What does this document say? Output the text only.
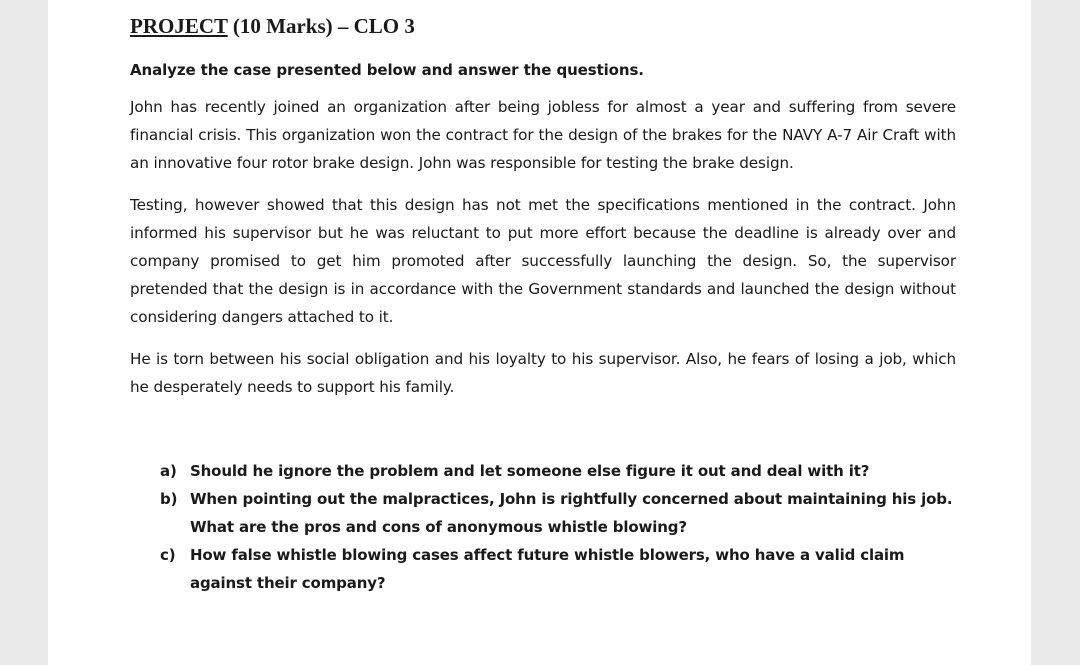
PROJECT (10 Marks) – CLO 3
Analyze the case presented below and answer the questions.

John has recently joined an organization after being jobless for almost a year and suffering from severe financial crisis. This organization won the contract for the design of the brakes for the NAVY A-7 Air Craft with an innovative four rotor brake design. John was responsible for testing the brake design.

Testing, however showed that this design has not met the specifications mentioned in the contract. John informed his supervisor but he was reluctant to put more effort because the deadline is already over and company promised to get him promoted after successfully launching the design. So, the supervisor pretended that the design is in accordance with the Government standards and launched the design without considering dangers attached to it.

He is torn between his social obligation and his loyalty to his supervisor. Also, he fears of losing a job, which he desperately needs to support his family.

a) Should he ignore the problem and let someone else figure it out and deal with it?
b) When pointing out the malpractices, John is rightfully concerned about maintaining his job. What are the pros and cons of anonymous whistle blowing?
c) How false whistle blowing cases affect future whistle blowers, who have a valid claim against their company?
